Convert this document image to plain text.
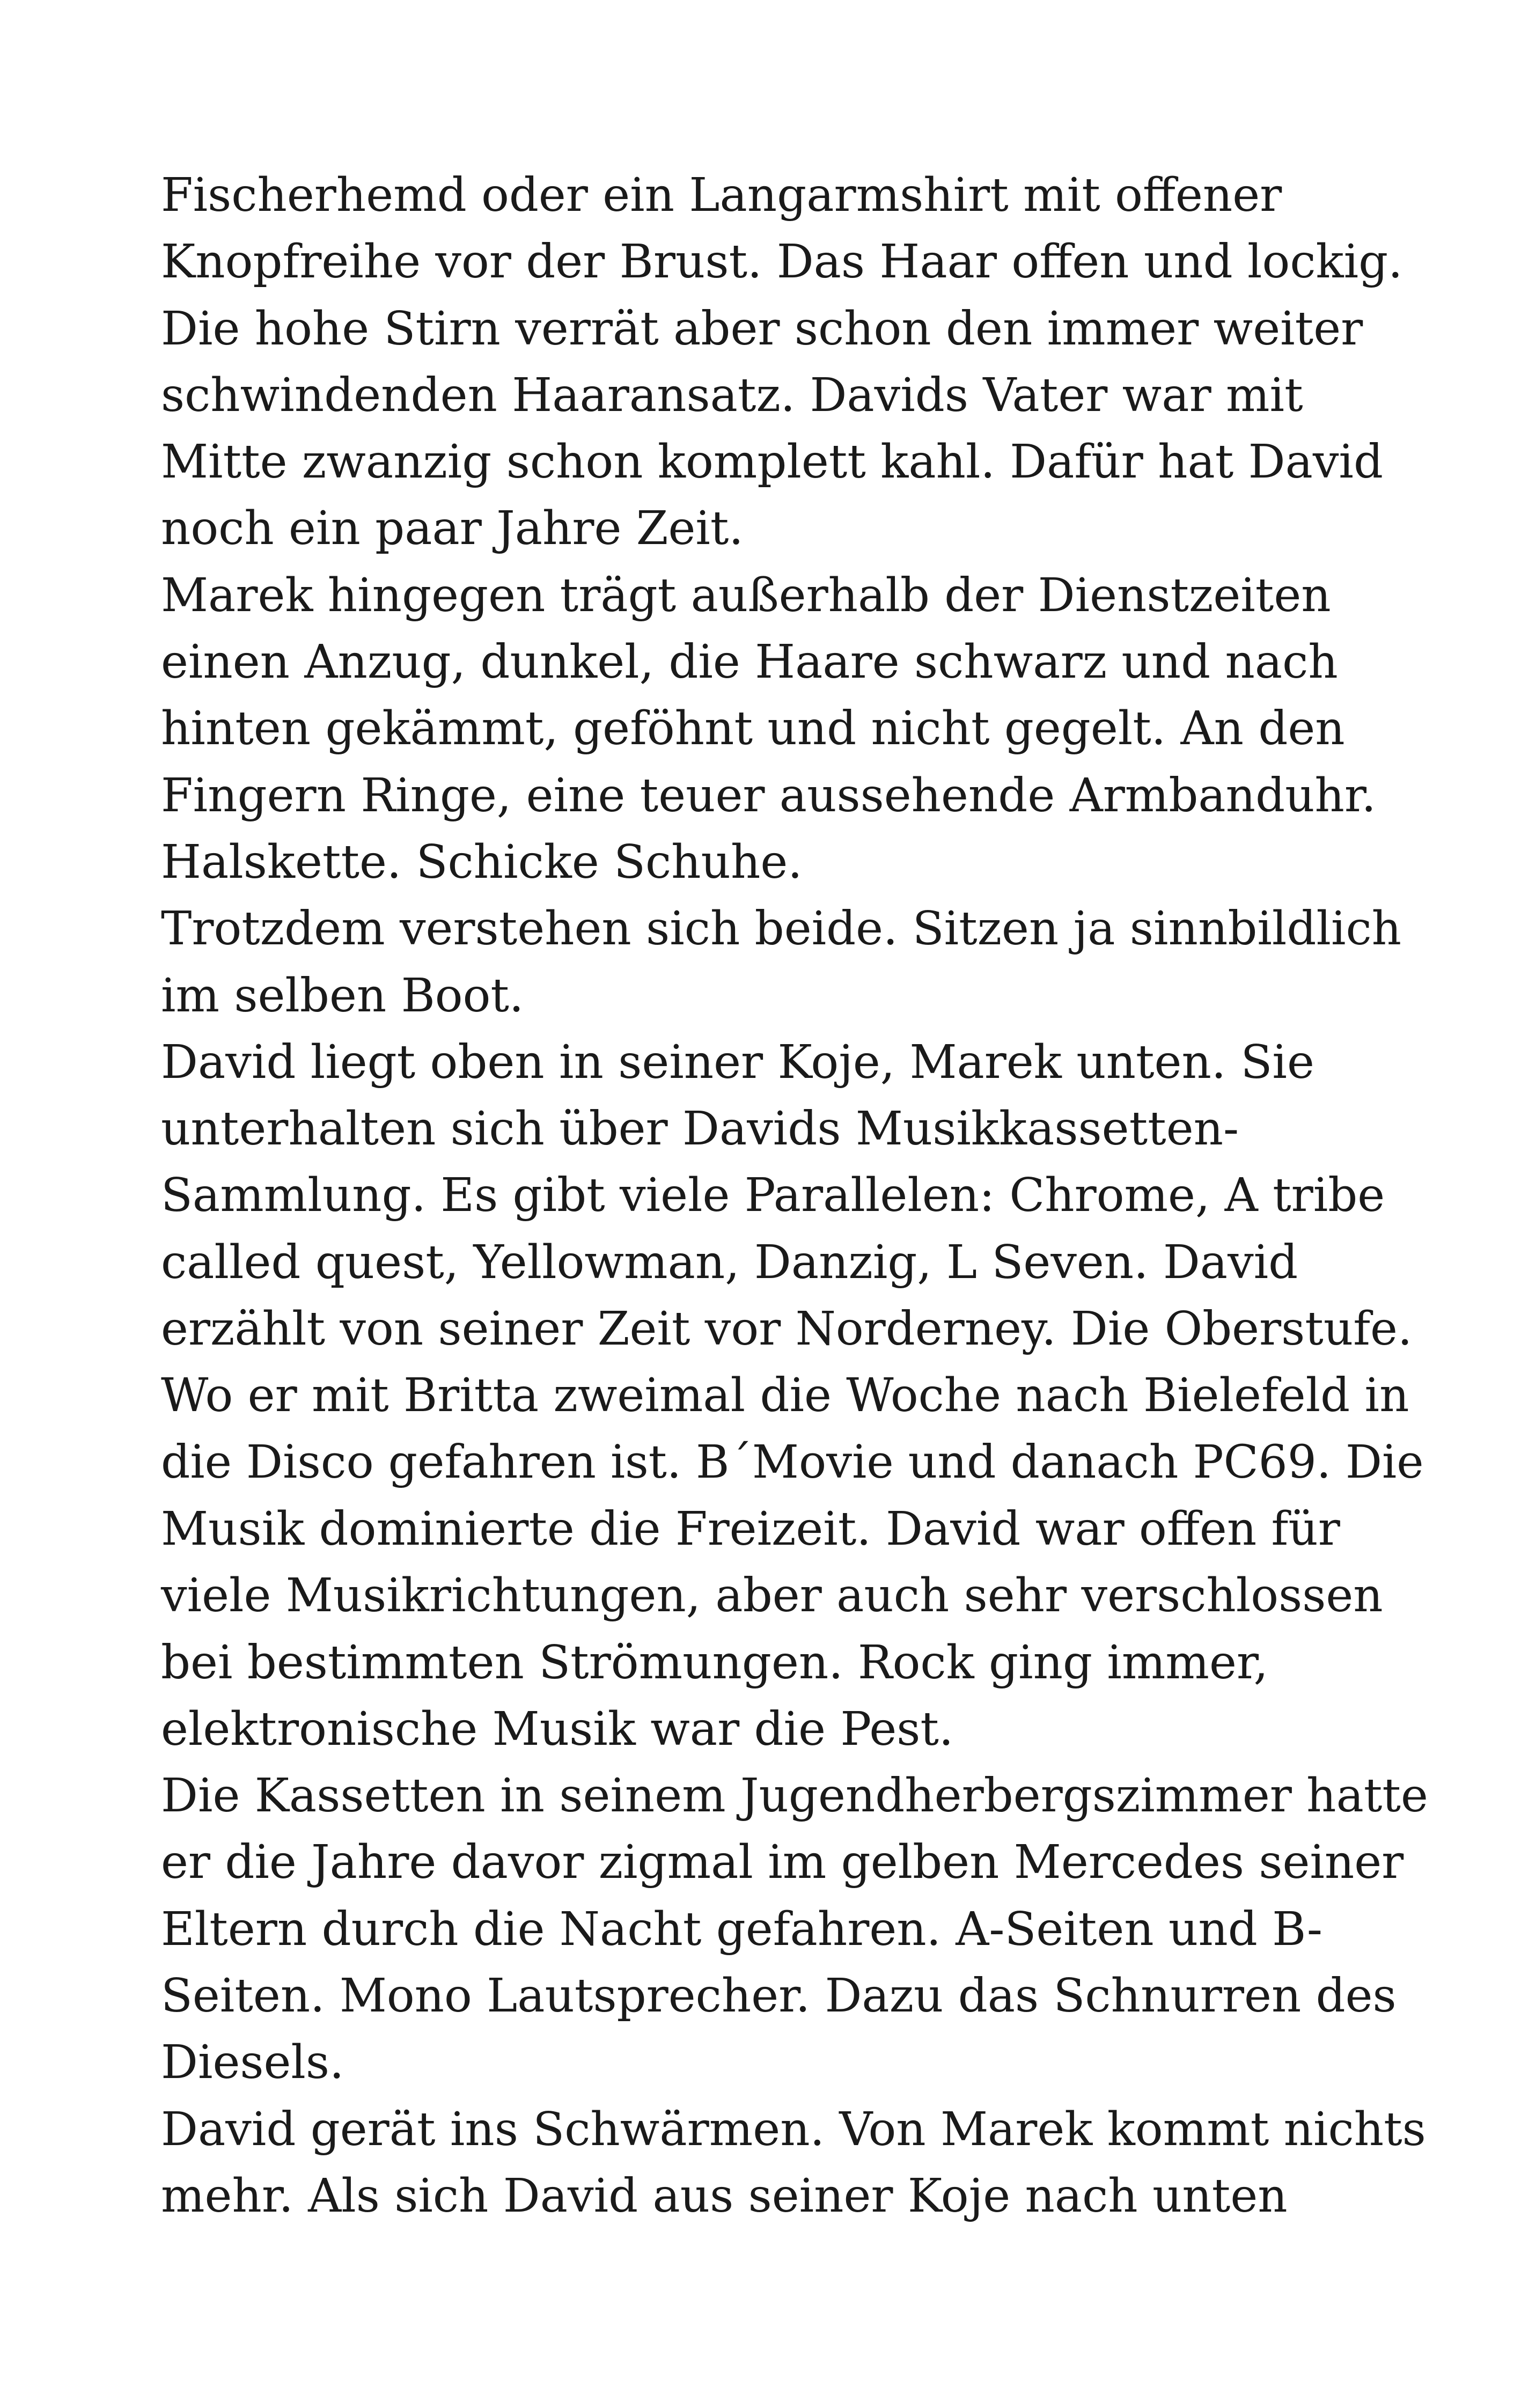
Fischerhemd oder ein Langarmshirt mit offener
Knopfreihe vor der Brust. Das Haar offen und lockig.
Die hohe Stirn verrät aber schon den immer weiter
schwindenden Haaransatz. Davids Vater war mit
Mitte zwanzig schon komplett kahl. Dafür hat David
noch ein paar Jahre Zeit.
Marek hingegen trägt außerhalb der Dienstzeiten
einen Anzug, dunkel, die Haare schwarz und nach
hinten gekämmt, geföhnt und nicht gegelt. An den
Fingern Ringe, eine teuer aussehende Armbanduhr.
Halskette. Schicke Schuhe.
Trotzdem verstehen sich beide. Sitzen ja sinnbildlich
im selben Boot.
David liegt oben in seiner Koje, Marek unten. Sie
unterhalten sich über Davids Musikkassetten-
Sammlung. Es gibt viele Parallelen: Chrome, A tribe
called quest, Yellowman, Danzig, L Seven. David
erzählt von seiner Zeit vor Norderney. Die Oberstufe.
Wo er mit Britta zweimal die Woche nach Bielefeld in
die Disco gefahren ist. B´Movie und danach PC69. Die
Musik dominierte die Freizeit. David war offen für
viele Musikrichtungen, aber auch sehr verschlossen
bei bestimmten Strömungen. Rock ging immer,
elektronische Musik war die Pest.
Die Kassetten in seinem Jugendherbergszimmer hatte
er die Jahre davor zigmal im gelben Mercedes seiner
Eltern durch die Nacht gefahren. A-Seiten und B-
Seiten. Mono Lautsprecher. Dazu das Schnurren des
Diesels.
David gerät ins Schwärmen. Von Marek kommt nichts
mehr. Als sich David aus seiner Koje nach unten
